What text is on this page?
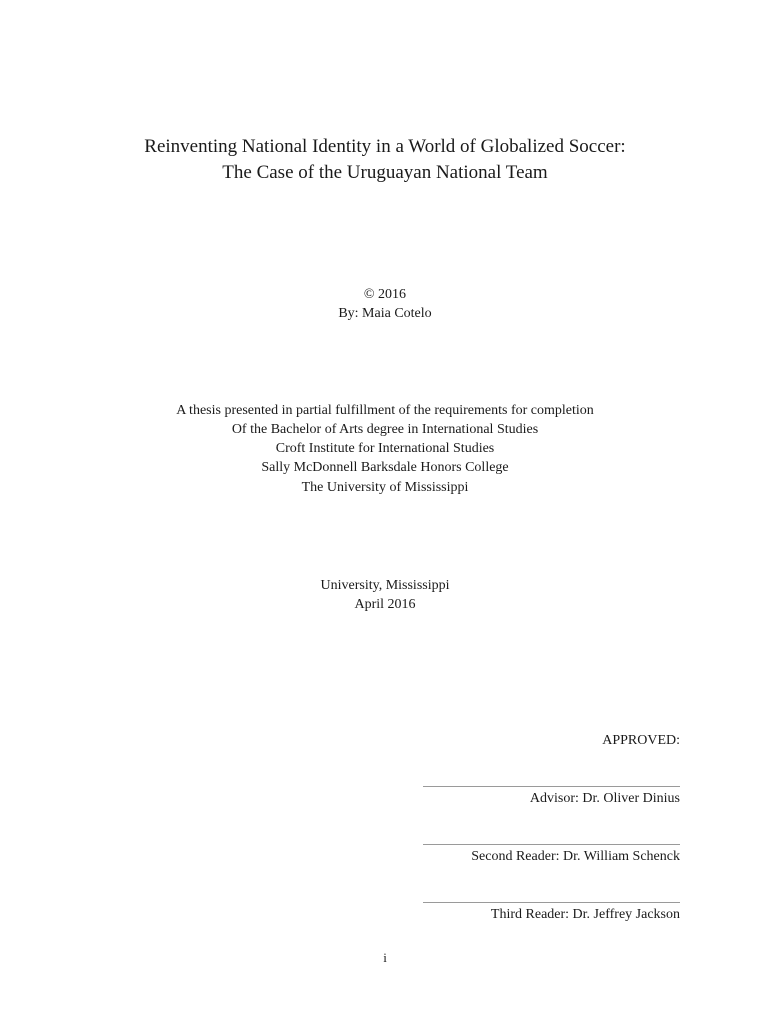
Reinventing National Identity in a World of Globalized Soccer:
The Case of the Uruguayan National Team
© 2016
By: Maia Cotelo
A thesis presented in partial fulfillment of the requirements for completion
Of the Bachelor of Arts degree in International Studies
Croft Institute for International Studies
Sally McDonnell Barksdale Honors College
The University of Mississippi
University, Mississippi
April 2016
APPROVED:
Advisor: Dr. Oliver Dinius
Second Reader: Dr. William Schenck
Third Reader: Dr. Jeffrey Jackson
i
